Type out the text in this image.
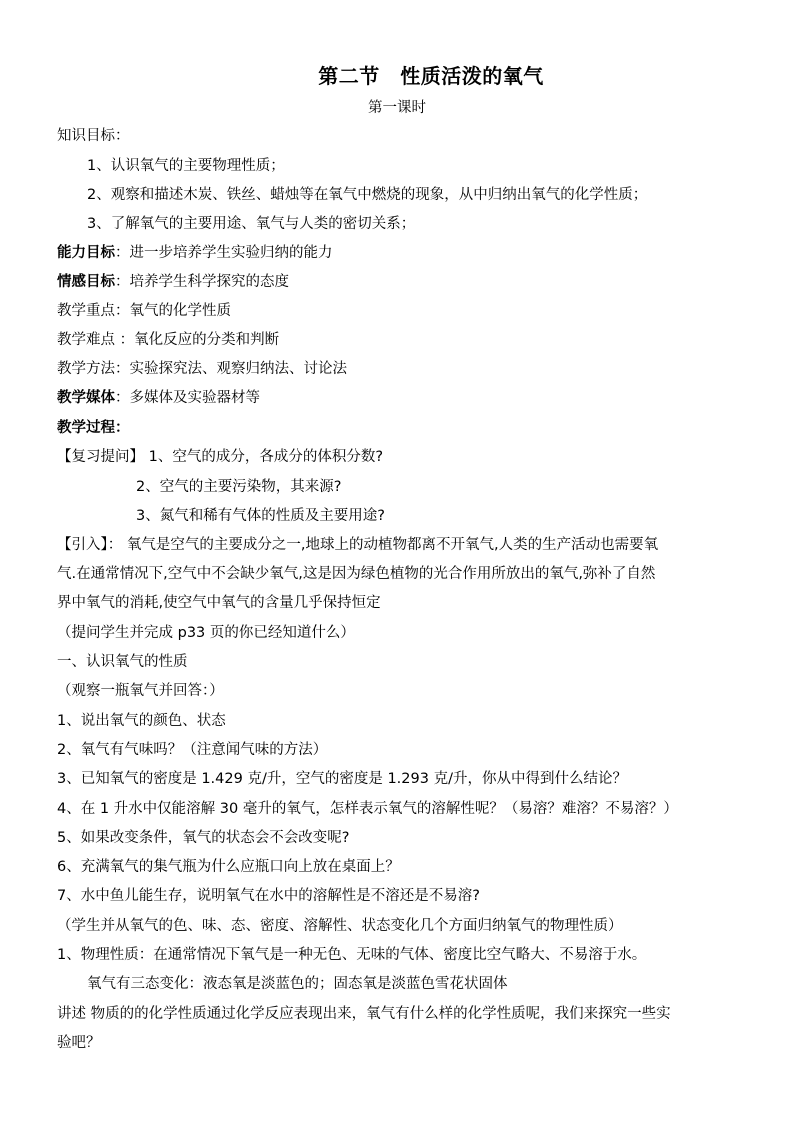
第二节　性质活泼的氧气
第一课时
知识目标：
1、认识氧气的主要物理性质；
2、观察和描述木炭、铁丝、蜡烛等在氧气中燃烧的现象，从中归纳出氧气的化学性质；
3、了解氧气的主要用途、氧气与人类的密切关系；
能力目标：进一步培养学生实验归纳的能力
情感目标：培养学生科学探究的态度
教学重点：氧气的化学性质
教学难点 ：氧化反应的分类和判断
教学方法：实验探究法、观察归纳法、讨论法
教学媒体：多媒体及实验器材等
教学过程：
【复习提问】 1、空气的成分，各成分的体积分数?
2、空气的主要污染物，其来源?
3、氮气和稀有气体的性质及主要用途?
【引入】： 氧气是空气的主要成分之一,地球上的动植物都离不开氧气,人类的生产活动也需要氧
气.在通常情况下,空气中不会缺少氧气,这是因为绿色植物的光合作用所放出的氧气,弥补了自然
界中氧气的消耗,使空气中氧气的含量几乎保持恒定
（提问学生并完成 p33 页的你已经知道什么）
一、认识氧气的性质
（观察一瓶氧气并回答：）
1、说出氧气的颜色、状态
2、氧气有气味吗？（注意闻气味的方法）
3、已知氧气的密度是 1.429 克/升，空气的密度是 1.293 克/升，你从中得到什么结论？
4、在 1 升水中仅能溶解 30 毫升的氧气，怎样表示氧气的溶解性呢？（易溶？难溶？不易溶？）
5、如果改变条件，氧气的状态会不会改变呢?
6、充满氧气的集气瓶为什么应瓶口向上放在桌面上？
7、水中鱼儿能生存，说明氧气在水中的溶解性是不溶还是不易溶?
（学生并从氧气的色、味、态、密度、溶解性、状态变化几个方面归纳氧气的物理性质）
1、物理性质：在通常情况下氧气是一种无色、无味的气体、密度比空气略大、不易溶于水。
氧气有三态变化：液态氧是淡蓝色的；固态氧是淡蓝色雪花状固体
讲述 物质的的化学性质通过化学反应表现出来，氧气有什么样的化学性质呢，我们来探究一些实
验吧？
